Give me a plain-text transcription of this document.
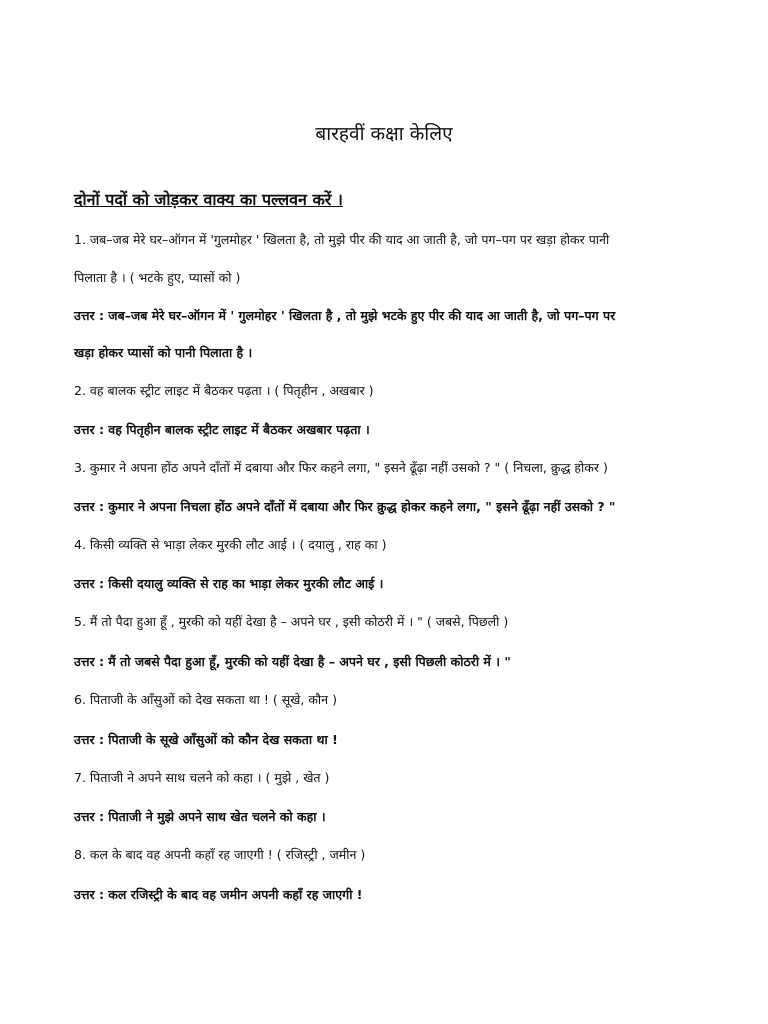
बारहवीं कक्षा केलिए
दोनों पदों को जोड़कर वाक्य का पल्लवन करें ।

1. जब–जब मेरे घर–ऑगन में 'गुलमोहर ' खिलता है, तो मुझे पीर की याद आ जाती है, जो पग–पग पर खड़ा होकर पानी

पिलाता है । ( भटके हुए, प्यासों को )

उत्तर : जब–जब मेरे घर–ऑगन में ' गुलमोहर ' खिलता है , तो मुझे भटके हुए पीर की याद आ जाती है, जो पग–पग पर

खड़ा होकर प्यासों को पानी पिलाता है ।

2. वह बालक स्ट्रीट लाइट में बैठकर पढ़ता । ( पितृहीन , अखबार )

उत्तर : वह पितृहीन बालक स्ट्रीट लाइट में बैठकर अखबार पढ़ता ।

3. कुमार ने अपना होंठ अपने दाँतों में दबाया और फिर कहने लगा, " इसने ढूँढ़ा नहीं उसको ? " ( निचला, क्रुद्ध होकर )

उत्तर : कुमार ने अपना निचला होंठ अपने दाँतों में दबाया और फिर क्रुद्ध होकर कहने लगा, " इसने ढूँढ़ा नहीं उसको ? "

4. किसी व्यक्ति से भाड़ा लेकर मुरकी लौट आई । ( दयालु , राह का )

उत्तर : किसी दयालु व्यक्ति से राह का भाड़ा लेकर मुरकी लौट आई ।

5. मैं तो पैदा हुआ हूँ , मुरकी को यहीं देखा है – अपने घर , इसी कोठरी में । " ( जबसे, पिछली )

उत्तर : मैं तो जबसे पैदा हुआ हूँ, मुरकी को यहीं देखा है – अपने घर , इसी पिछली कोठरी में । "

6. पिताजी के आँसुओं को देख सकता था ! ( सूखे, कौन )

उत्तर : पिताजी के सूखे आँसुओं को कौन देख सकता था !

7. पिताजी ने अपने साथ चलने को कहा । ( मुझे , खेत )

उत्तर : पिताजी ने मुझे अपने साथ खेत चलने को कहा ।

8. कल के बाद वह अपनी कहाँ रह जाएगी ! ( रजिस्ट्री , जमीन )

उत्तर : कल रजिस्ट्री के बाद वह जमीन अपनी कहाँ रह जाएगी !
